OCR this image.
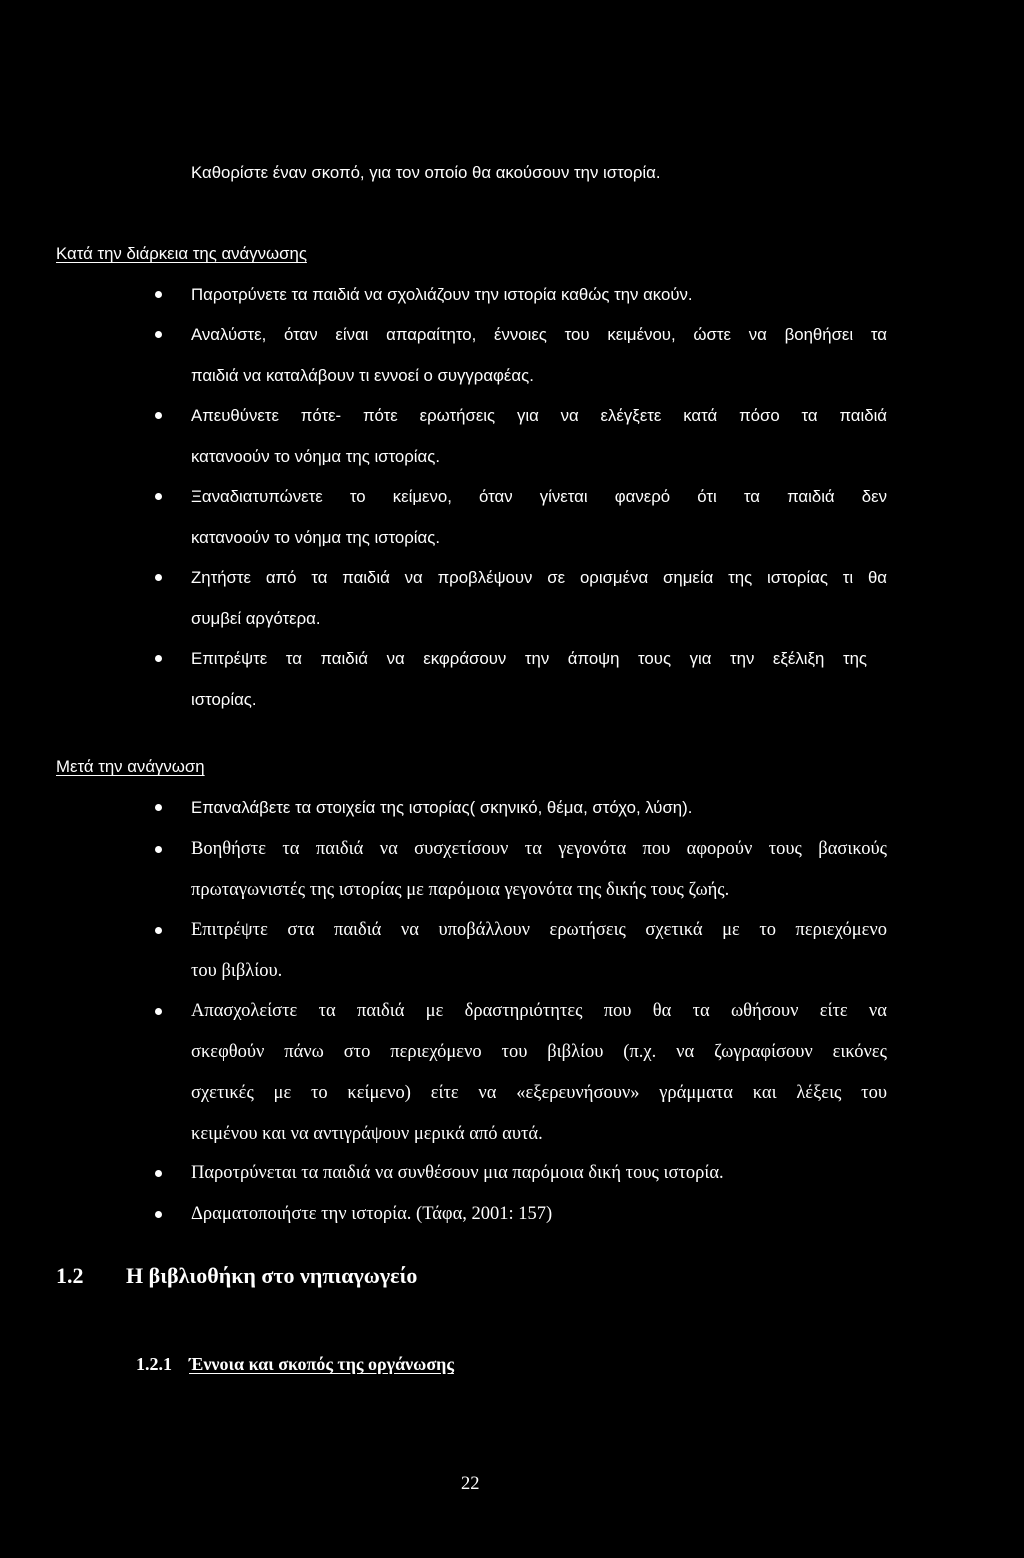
Καθορίστε έναν σκοπό, για τον οποίο θα ακούσουν την ιστορία.
Κατά την διάρκεια της ανάγνωσης
Παροτρύνετε τα παιδιά να σχολιάζουν την ιστορία καθώς την ακούν.
Αναλύστε, όταν είναι απαραίτητο, έννοιες του κειμένου, ώστε να βοηθήσει τα
παιδιά να καταλάβουν τι εννοεί ο συγγραφέας.
Απευθύνετε πότε- πότε ερωτήσεις για να ελέγξετε κατά πόσο τα παιδιά
κατανοούν το νόημα της ιστορίας.
Ξαναδιατυπώνετε το κείμενο, όταν γίνεται φανερό ότι τα παιδιά δεν
κατανοούν το νόημα της ιστορίας.
Ζητήστε από τα παιδιά να προβλέψουν σε ορισμένα σημεία της ιστορίας τι θα
συμβεί αργότερα.
Επιτρέψτε τα παιδιά να εκφράσουν την άποψη τους για την εξέλιξη της
ιστορίας.
Μετά την ανάγνωση
Επαναλάβετε τα στοιχεία της ιστορίας( σκηνικό, θέμα, στόχο, λύση).
Βοηθήστε τα παιδιά να συσχετίσουν τα γεγονότα που αφορούν τους βασικούς
πρωταγωνιστές της ιστορίας με παρόμοια γεγονότα της δικής τους ζωής.
Επιτρέψτε στα παιδιά να υποβάλλουν ερωτήσεις σχετικά με το περιεχόμενο
του βιβλίου.
Απασχολείστε τα παιδιά με δραστηριότητες που θα τα ωθήσουν είτε να
σκεφθούν πάνω στο περιεχόμενο του βιβλίου (π.χ. να ζωγραφίσουν εικόνες
σχετικές με το κείμενο) είτε να «εξερευνήσουν» γράμματα και λέξεις του
κειμένου και να αντιγράψουν μερικά από αυτά.
Παροτρύνεται τα παιδιά να συνθέσουν μια παρόμοια δική τους ιστορία.
Δραματοποιήστε την ιστορία. (Τάφα, 2001: 157)
1.2 Η βιβλιοθήκη στο νηπιαγωγείο
1.2.1 Έννοια και σκοπός της οργάνωσης
22
